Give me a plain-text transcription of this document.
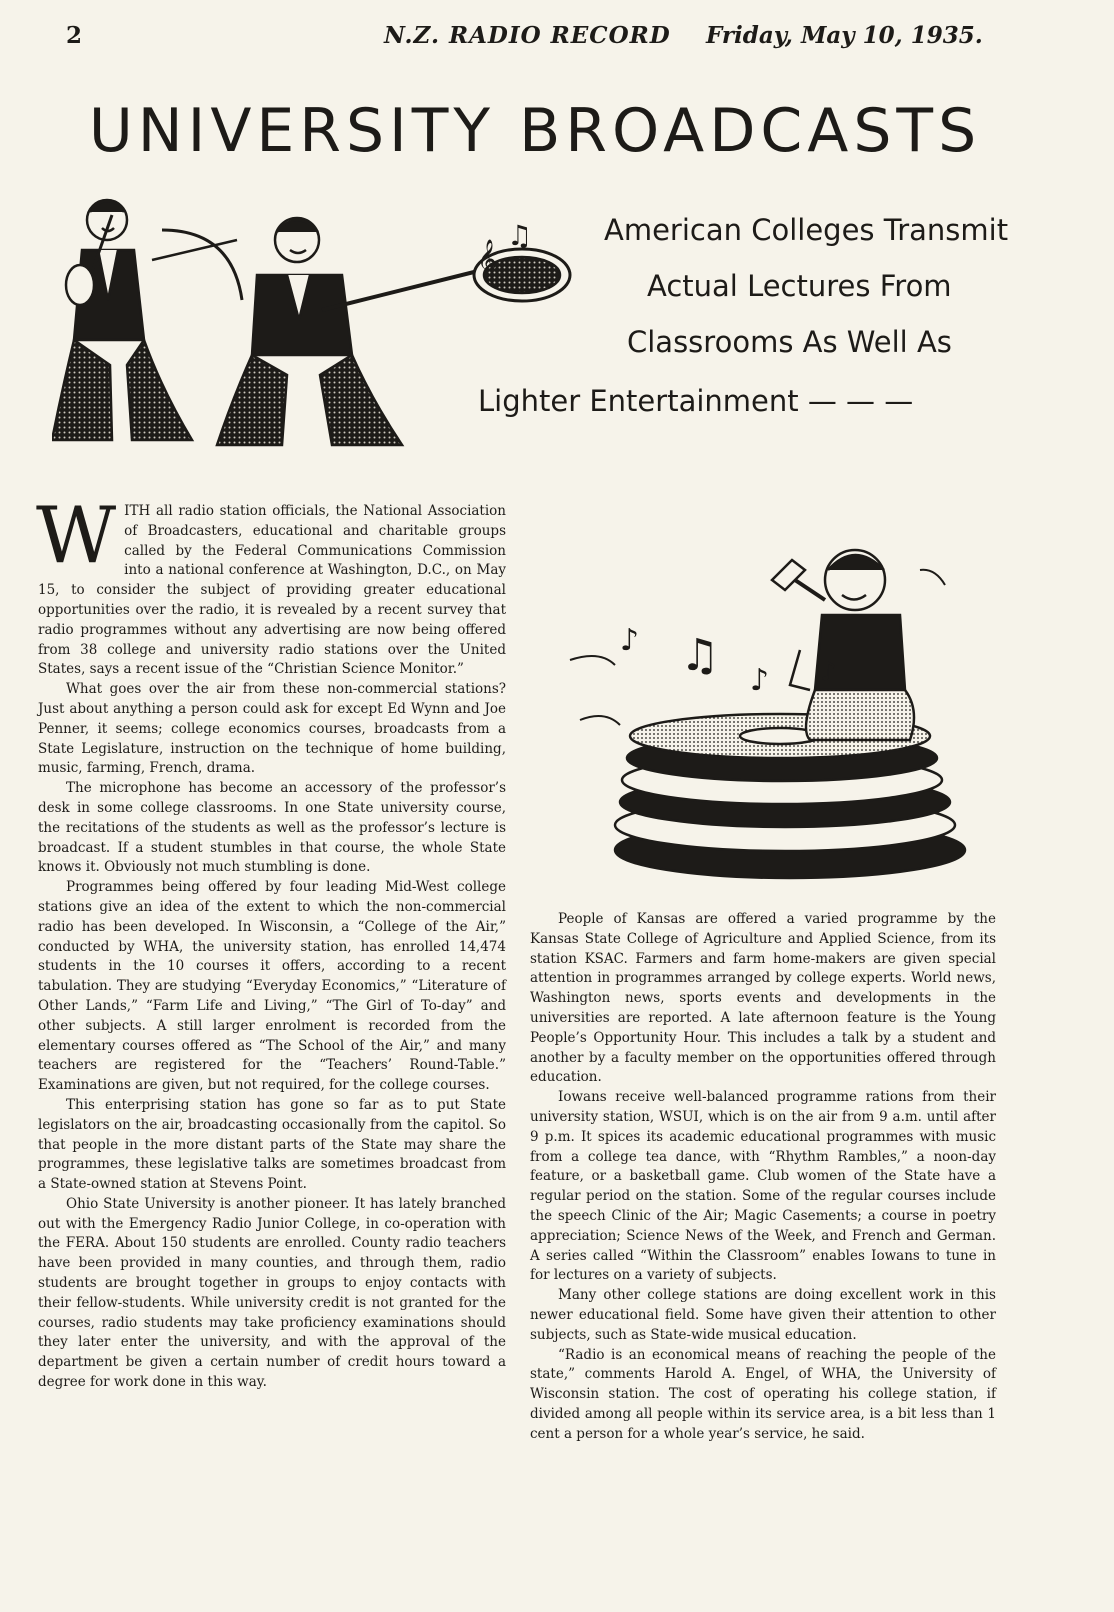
2	N.Z. RADIO RECORD Friday, May 10, 1935.
UNIVERSITY BROADCASTS
𝄞
♫ American Colleges Transmit

Actual Lectures From

Classrooms As Well As

Lighter Entertainment — — —

♫
♪
♪ ♪

WITH all radio station officials, the National Association of Broadcasters, educational and charitable groups called by the Federal Communications Commission into a national conference at Washington, D.C., on May 15, to consider the subject of providing greater educational opportunities over the radio, it is revealed by a recent survey that radio programmes without any advertising are now being offered from 38 college and university radio stations over the United States, says a recent issue of the “Christian Science Monitor.”

What goes over the air from these non-commercial stations? Just about anything a person could ask for except Ed Wynn and Joe Penner, it seems; college economics courses, broadcasts from a State Legislature, instruction on the technique of home building, music, farming, French, drama.

The microphone has become an accessory of the professor’s desk in some college classrooms. In one State university course, the recitations of the students as well as the professor’s lecture is broadcast. If a student stumbles in that course, the whole State knows it. Obviously not much stumbling is done.

Programmes being offered by four leading Mid-West college stations give an idea of the extent to which the non-commercial radio has been developed. In Wisconsin, a “College of the Air,” conducted by WHA, the university station, has enrolled 14,474 students in the 10 courses it offers, according to a recent tabulation. They are studying “Everyday Economics,” “Literature of Other Lands,” “Farm Life and Living,” “The Girl of To-day” and other subjects. A still larger enrolment is recorded from the elementary courses offered as “The School of the Air,” and many teachers are registered for the “Teachers’ Round-Table.” Examinations are given, but not required, for the college courses.

This enterprising station has gone so far as to put State legislators on the air, broadcasting occasionally from the capitol. So that people in the more distant parts of the State may share the programmes, these legislative talks are sometimes broadcast from a State-owned station at Stevens Point.

Ohio State University is another pioneer. It has lately branched out with the Emergency Radio Junior College, in co-operation with the FERA. About 150 students are enrolled. County radio teachers have been provided in many counties, and through them, radio students are brought together in groups to enjoy contacts with their fellow-students. While university credit is not granted for the courses, radio students may take proficiency examinations should they later enter the university, and with the approval of the department be given a certain number of credit hours toward a degree for work done in this way.

People of Kansas are offered a varied programme by the Kansas State College of Agriculture and Applied Science, from its station KSAC. Farmers and farm home-makers are given special attention in programmes arranged by college experts. World news, Washington news, sports events and developments in the universities are reported. A late afternoon feature is the Young People’s Opportunity Hour. This includes a talk by a student and another by a faculty member on the opportunities offered through education.

Iowans receive well-balanced programme rations from their university station, WSUI, which is on the air from 9 a.m. until after 9 p.m. It spices its academic educational programmes with music from a college tea dance, with “Rhythm Rambles,” a noon-day feature, or a basketball game. Club women of the State have a regular period on the station. Some of the regular courses include the speech Clinic of the Air; Magic Casements; a course in poetry appreciation; Science News of the Week, and French and German. A series called “Within the Classroom” enables Iowans to tune in for lectures on a variety of subjects.

Many other college stations are doing excellent work in this newer educational field. Some have given their attention to other subjects, such as State-wide musical education.

“Radio is an economical means of reaching the people of the state,” comments Harold A. Engel, of WHA, the University of Wisconsin station. The cost of operating his college station, if divided among all people within its service area, is a bit less than 1 cent a person for a whole year’s service, he said.
